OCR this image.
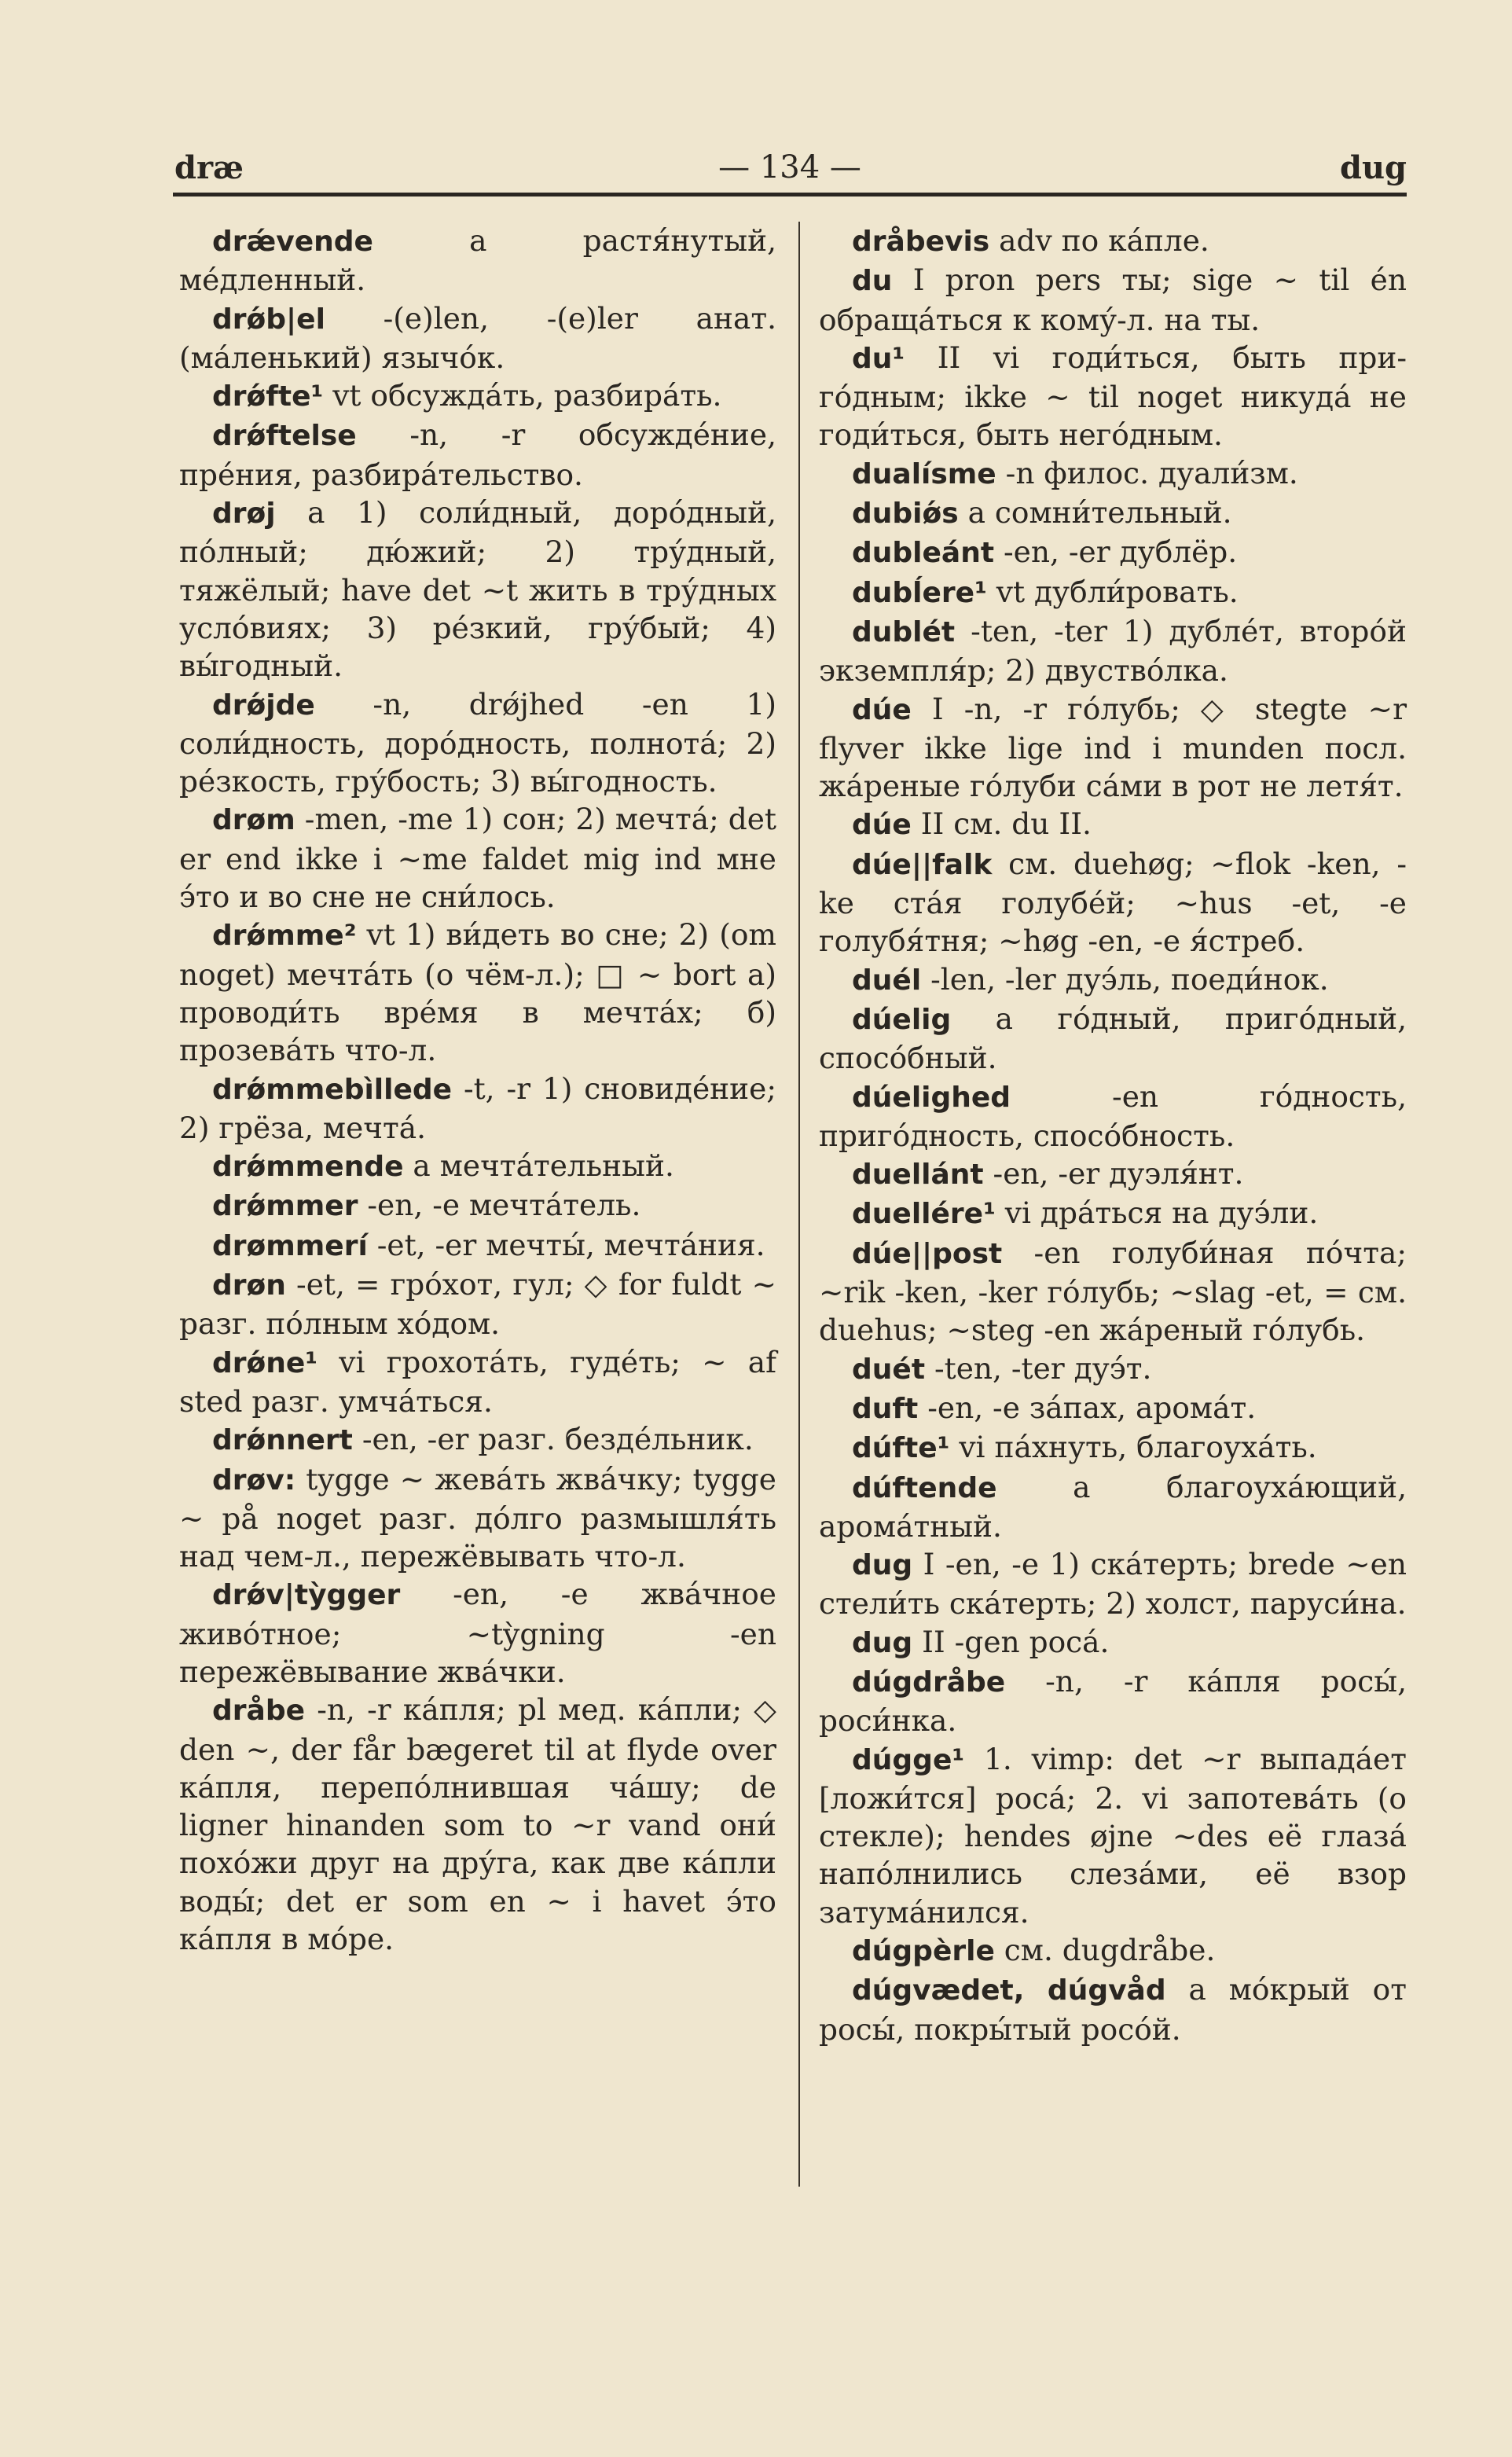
dræ	— 134 —	dug

drǽvende a растя́нутый, ме́дленный.

drǿb|el -(e)len, -(e)ler анат. (ма́ленький) язычо́к.

drǿfte¹ vt обсужда́ть, разбира́ть.

drǿftelse -n, -r обсужде́ние, пре́ния, разбира́тельство.

drøj a 1) соли́дный, доро́дный, по́лный; дю́жий; 2) тру́дный, тяжёлый; have det ~t жить в тру́дных усло́виях; 3) ре́зкий, гру́бый; 4) вы́годный.

drǿjde -n, drǿjhed -en 1) соли́дность, доро́дность, полнота́; 2) ре́зкость, гру́бость; 3) вы́годность.

drøm -men, -me 1) сон; 2) мечта́; det er end ikke i ~me faldet mig ind мне э́то и во сне не сни́лось.

drǿmme² vt 1) ви́деть во сне; 2) (om noget) мечта́ть (о чём-л.); □ ~ bort а) проводи́ть вре́мя в мечта́х; б) прозева́ть что-л.

drǿmmebìllede -t, -r 1) сновиде́ние; 2) грёза, мечта́.

drǿmmende a мечта́тельный.

drǿmmer -en, -e мечта́тель.

drømmerí -et, -er мечты́, мечта́ния.

drøn -et, = гро́хот, гул; ◇ for fuldt ~ разг. по́лным хо́дом.

drǿne¹ vi грохота́ть, гуде́ть; ~ af sted разг. умча́ться.

drǿnnert -en, -er разг. безде́льник.

drøv: tygge ~ жева́ть жва́чку; tygge ~ på noget разг. до́лго размышля́ть над чем-л., пережёвывать что-л.

drǿv|tỳgger -en, -e жва́чное живо́тное; ~tỳgning -en пережёвывание жва́чки.

dråbe -n, -r ка́пля; pl мед. ка́пли; ◇ den ~, der får bægeret til at flyde over ка́пля, перепо́лнившая ча́шу; de ligner hinanden som to ~r vand они́ похо́жи друг на дру́га, как две ка́пли воды́; det er som en ~ i havet э́то ка́пля в мо́ре.

dråbevis adv по ка́пле.

du I pron pers ты; sige ~ til én обраща́ться к кому́-л. на ты.

du¹ II vi годи́ться, быть при-го́дным; ikke ~ til noget никуда́ не годи́ться, быть него́дным.

dualísme -n филос. дуали́зм.

dubiǿs a сомни́тельный.

dubleánt -en, -er дублёр.

dubĺere¹ vt дубли́ровать.

dublét -ten, -ter 1) дубле́т, второ́й экземпля́р; 2) двуство́лка.

dúe I -n, -r го́лубь; ◇ stegte ~r flyver ikke lige ind i munden посл. жа́реные го́луби са́ми в рот не летя́т.

dúe II см. du II.

dúe||falk см. duehøg; ~flok -ken, -ke ста́я голубе́й; ~hus -et, -e голубя́тня; ~høg -en, -e я́стреб.

duél -len, -ler дуэ́ль, поеди́нок.

dúelig a го́дный, приго́дный, спосо́бный.

dúelighed -en го́дность, приго́дность, спосо́бность.

duellánt -en, -er дуэля́нт.

duellére¹ vi дра́ться на дуэ́ли.

dúe||post -en голуби́ная по́чта; ~rik -ken, -ker го́лубь; ~slag -et, = см. duehus; ~steg -en жа́реный го́лубь.

duét -ten, -ter дуэ́т.

duft -en, -e за́пах, арома́т.

dúfte¹ vi па́хнуть, благоуха́ть.

dúftende a благоуха́ющий, арома́тный.

dug I -en, -e 1) ска́терть; brede ~en стели́ть ска́терть; 2) холст, паруси́на.

dug II -gen роса́.

dúgdråbe -n, -r ка́пля росы́, роси́нка.

dúgge¹ 1. vimp: det ~r выпада́ет [ложи́тся] роса́; 2. vi запотева́ть (о стекле); hendes øjne ~des её глаза́ напо́лнились слеза́ми, её взор затума́нился.

dúgpèrle см. dugdråbe.

dúgvædet, dúgvåd a мо́крый от росы́, покры́тый росо́й.
